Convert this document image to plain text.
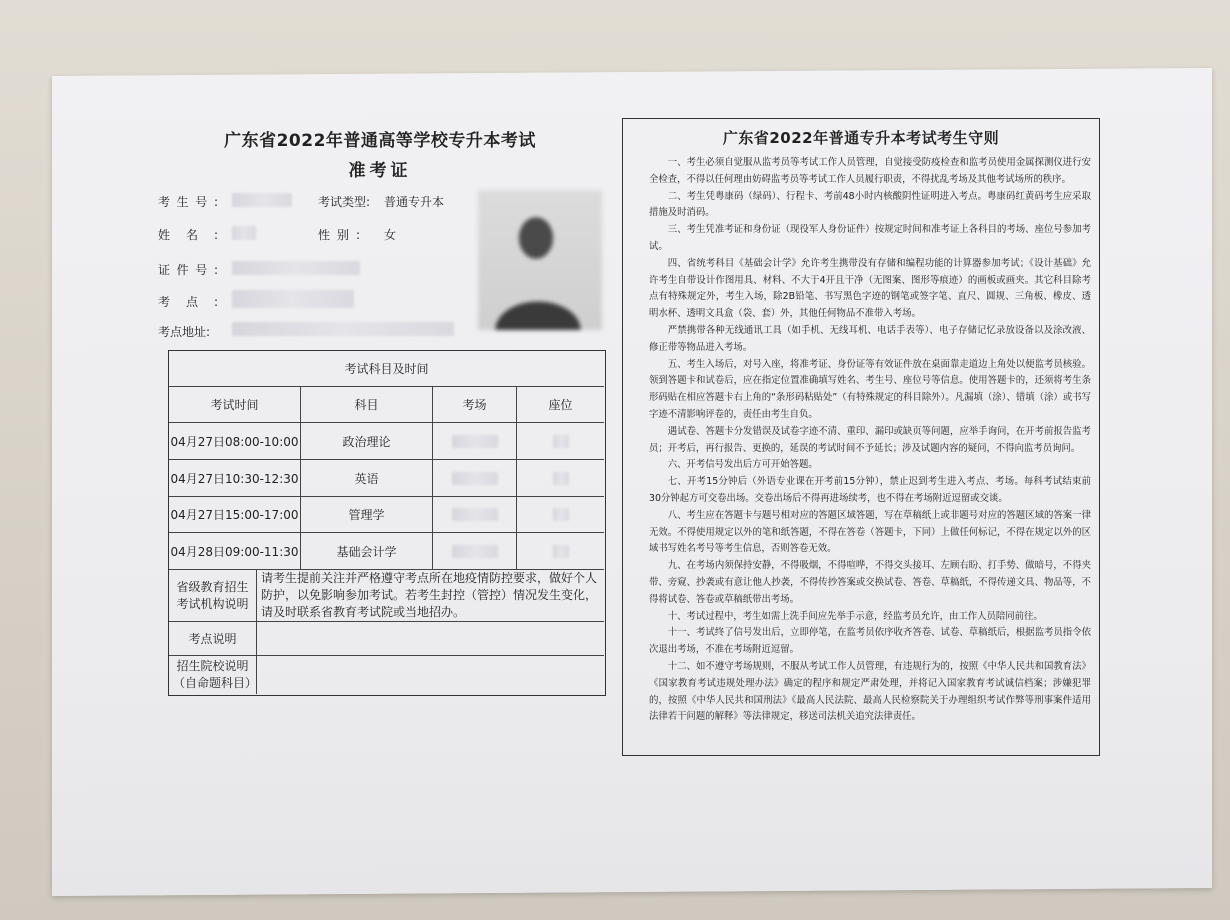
广东省2022年普通高等学校专升本考试
准考证
考生号:	考试类型: 普通专升本
姓名:	性别: 女
证件号:
考点:
考点地址:
考试科目及时间
考试时间	科目	考场	座位
04月27日08:00-10:00	政治理论
04月27日10:30-12:30	英语
04月27日15:00-17:00	管理学
04月28日09:00-11:30	基础会计学
省级教育招生考试机构说明
请考生提前关注并严格遵守考点所在地疫情防控要求，做好个人防护，以免影响参加考试。若考生封控（管控）情况发生变化，请及时联系省教育考试院或当地招办。
考点说明
招生院校说明（自命题科目）
广东省2022年普通专升本考试考生守则

一、考生必须自觉服从监考员等考试工作人员管理，自觉接受防疫检查和监考员使用金属探测仪进行安全检查，不得以任何理由妨碍监考员等考试工作人员履行职责，不得扰乱考场及其他考试场所的秩序。

二、考生凭粤康码（绿码）、行程卡、考前48小时内核酸阴性证明进入考点。粤康码红黄码考生应采取措施及时消码。

三、考生凭准考证和身份证（现役军人身份证件）按规定时间和准考证上各科目的考场、座位号参加考试。

四、省统考科目《基础会计学》允许考生携带没有存储和编程功能的计算器参加考试；《设计基础》允许考生自带设计作图用具、材料、不大于4开且干净（无图案、图形等痕迹）的画板或画夹。其它科目除考点有特殊规定外，考生入场，除2B铅笔、书写黑色字迹的钢笔或签字笔、直尺、圆规、三角板、橡皮、透明水杯、透明文具盒（袋、套）外，其他任何物品不准带入考场。

严禁携带各种无线通讯工具（如手机、无线耳机、电话手表等）、电子存储记忆录放设备以及涂改液、修正带等物品进入考场。

五、考生入场后，对号入座，将准考证、身份证等有效证件放在桌面靠走道边上角处以便监考员核验。领到答题卡和试卷后，应在指定位置准确填写姓名、考生号、座位号等信息。使用答题卡的，还须将考生条形码贴在相应答题卡右上角的“条形码粘贴处”（有特殊规定的科目除外）。凡漏填（涂）、错填（涂）或书写字迹不清影响评卷的，责任由考生自负。

遇试卷、答题卡分发错误及试卷字迹不清、重印、漏印或缺页等问题，应举手询问，在开考前报告监考员；开考后，再行报告、更换的，延误的考试时间不予延长；涉及试题内容的疑问，不得向监考员询问。

六、开考信号发出后方可开始答题。

七、开考15分钟后（外语专业课在开考前15分钟），禁止迟到考生进入考点、考场。每科考试结束前30分钟起方可交卷出场。交卷出场后不得再进场续考，也不得在考场附近逗留或交谈。

八、考生应在答题卡与题号相对应的答题区域答题，写在草稿纸上或非题号对应的答题区域的答案一律无效。不得使用规定以外的笔和纸答题，不得在答卷（答题卡，下同）上做任何标记，不得在规定以外的区域书写姓名考号等考生信息，否则答卷无效。

九、在考场内须保持安静，不得吸烟，不得喧哗，不得交头接耳、左顾右盼、打手势、做暗号，不得夹带、旁窥、抄袭或有意让他人抄袭，不得传抄答案或交换试卷、答卷、草稿纸，不得传递文具、物品等，不得将试卷、答卷或草稿纸带出考场。

十、考试过程中，考生如需上洗手间应先举手示意，经监考员允许，由工作人员陪同前往。

十一、考试终了信号发出后，立即停笔，在监考员依序收齐答卷、试卷、草稿纸后，根据监考员指令依次退出考场，不准在考场附近逗留。

十二、如不遵守考场规则，不服从考试工作人员管理，有违规行为的，按照《中华人民共和国教育法》《国家教育考试违规处理办法》确定的程序和规定严肃处理，并将记入国家教育考试诚信档案；涉嫌犯罪的，按照《中华人民共和国刑法》《最高人民法院、最高人民检察院关于办理组织考试作弊等刑事案件适用法律若干问题的解释》等法律规定，移送司法机关追究法律责任。
